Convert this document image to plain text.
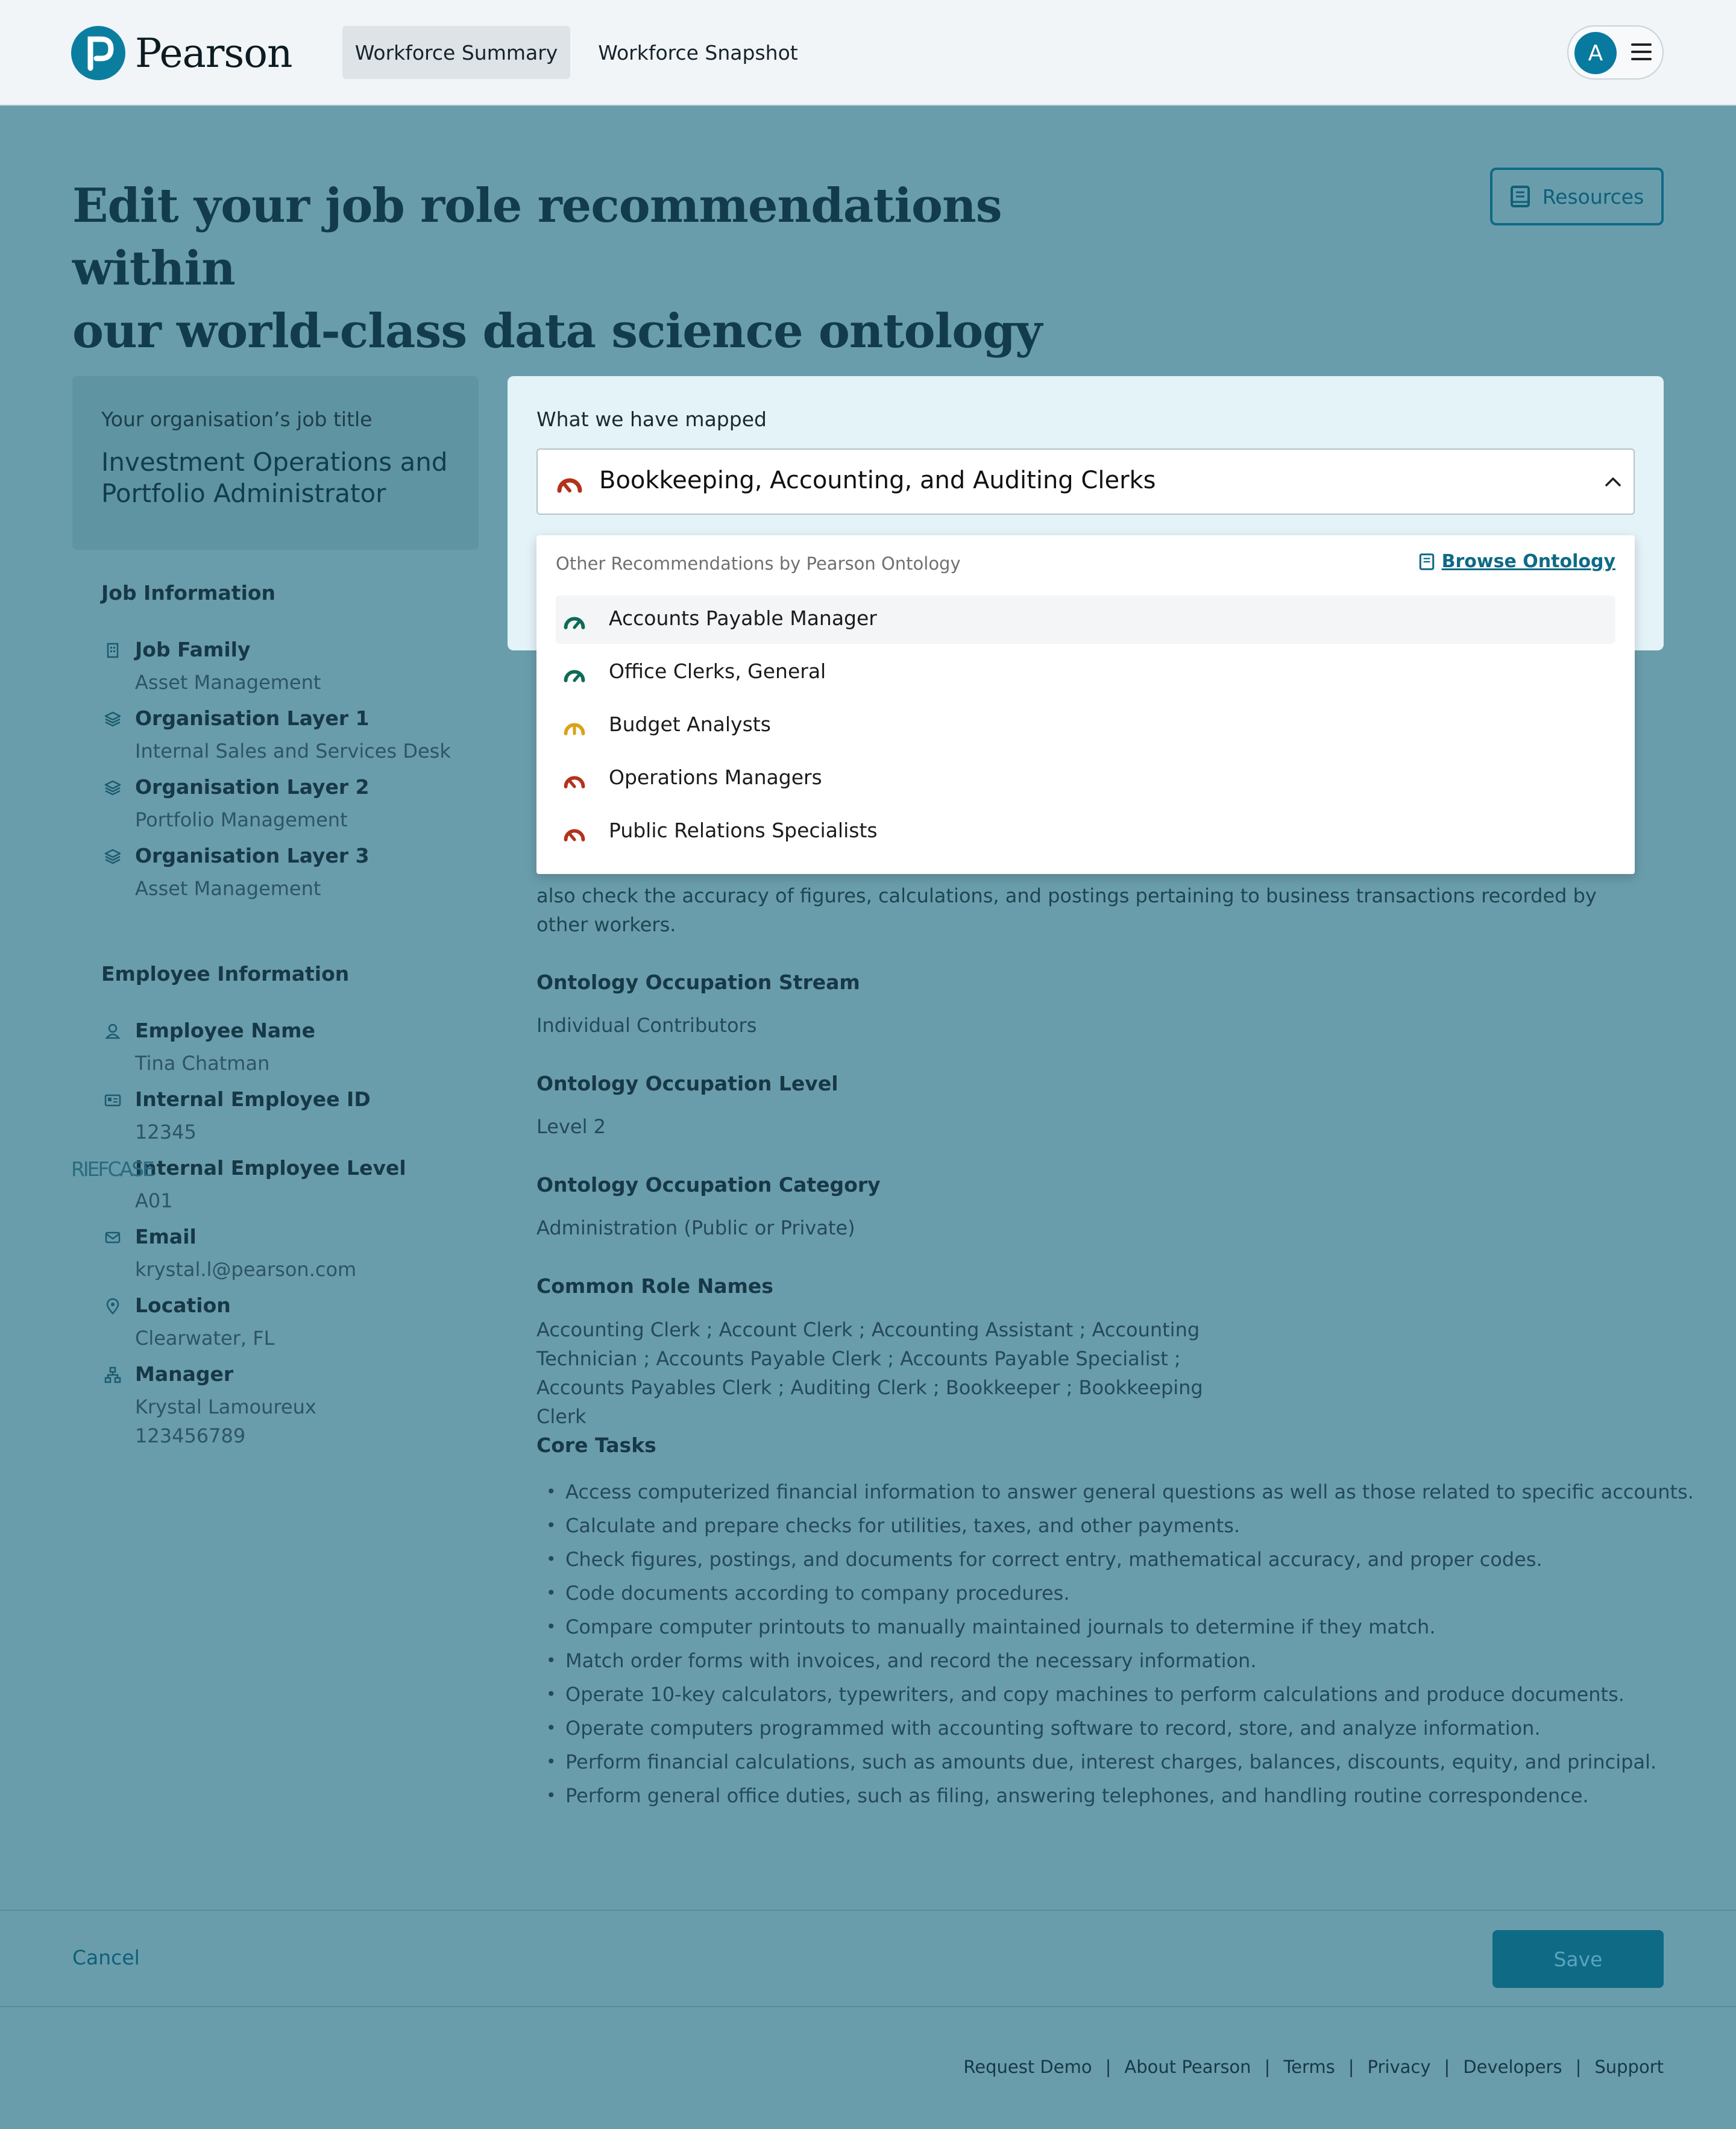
Pearson	Workforce Summary	Workforce Snapshot	A
Edit your job role recommendations within
our world-class data science ontology
Resources
Your organisation’s job title
Investment Operations and
Portfolio Administrator
Job Information
Job Family
Asset Management
Organisation Layer 1
Internal Sales and Services Desk
Organisation Layer 2
Portfolio Management
Organisation Layer 3
Asset Management
Employee Information
Employee Name
Tina Chatman
Internal Employee ID
12345
Internal Employee Level
A01
RIEFCASE
Email
krystal.l@pearson.com
Location
Clearwater, FL
Manager
Krystal Lamoureux
123456789
What we have mapped
Bookkeeping, Accounting, and Auditing Clerks
also check the accuracy of figures, calculations, and postings pertaining to business transactions recorded by other workers.
Ontology Occupation Stream
Individual Contributors
Ontology Occupation Level
Level 2
Ontology Occupation Category
Administration (Public or Private)
Common Role Names
Accounting Clerk ; Account Clerk ; Accounting Assistant ; Accounting Technician ; Accounts Payable Clerk ; Accounts Payable Specialist ; Accounts Payables Clerk ; Auditing Clerk ; Bookkeeper ; Bookkeeping Clerk
Core Tasks
• Access computerized financial information to answer general questions as well as those related to specific accounts.
• Calculate and prepare checks for utilities, taxes, and other payments.
• Check figures, postings, and documents for correct entry, mathematical accuracy, and proper codes.
• Code documents according to company procedures.
• Compare computer printouts to manually maintained journals to determine if they match.
• Match order forms with invoices, and record the necessary information.
• Operate 10-key calculators, typewriters, and copy machines to perform calculations and produce documents.
• Operate computers programmed with accounting software to record, store, and analyze information.
• Perform financial calculations, such as amounts due, interest charges, balances, discounts, equity, and principal.
• Perform general office duties, such as filing, answering telephones, and handling routine correspondence.
Other Recommendations by Pearson Ontology	Browse Ontology
Accounts Payable Manager
Office Clerks, General
Budget Analysts
Operations Managers
Public Relations Specialists
Cancel	Save
Request Demo | About Pearson | Terms | Privacy | Developers | Support
